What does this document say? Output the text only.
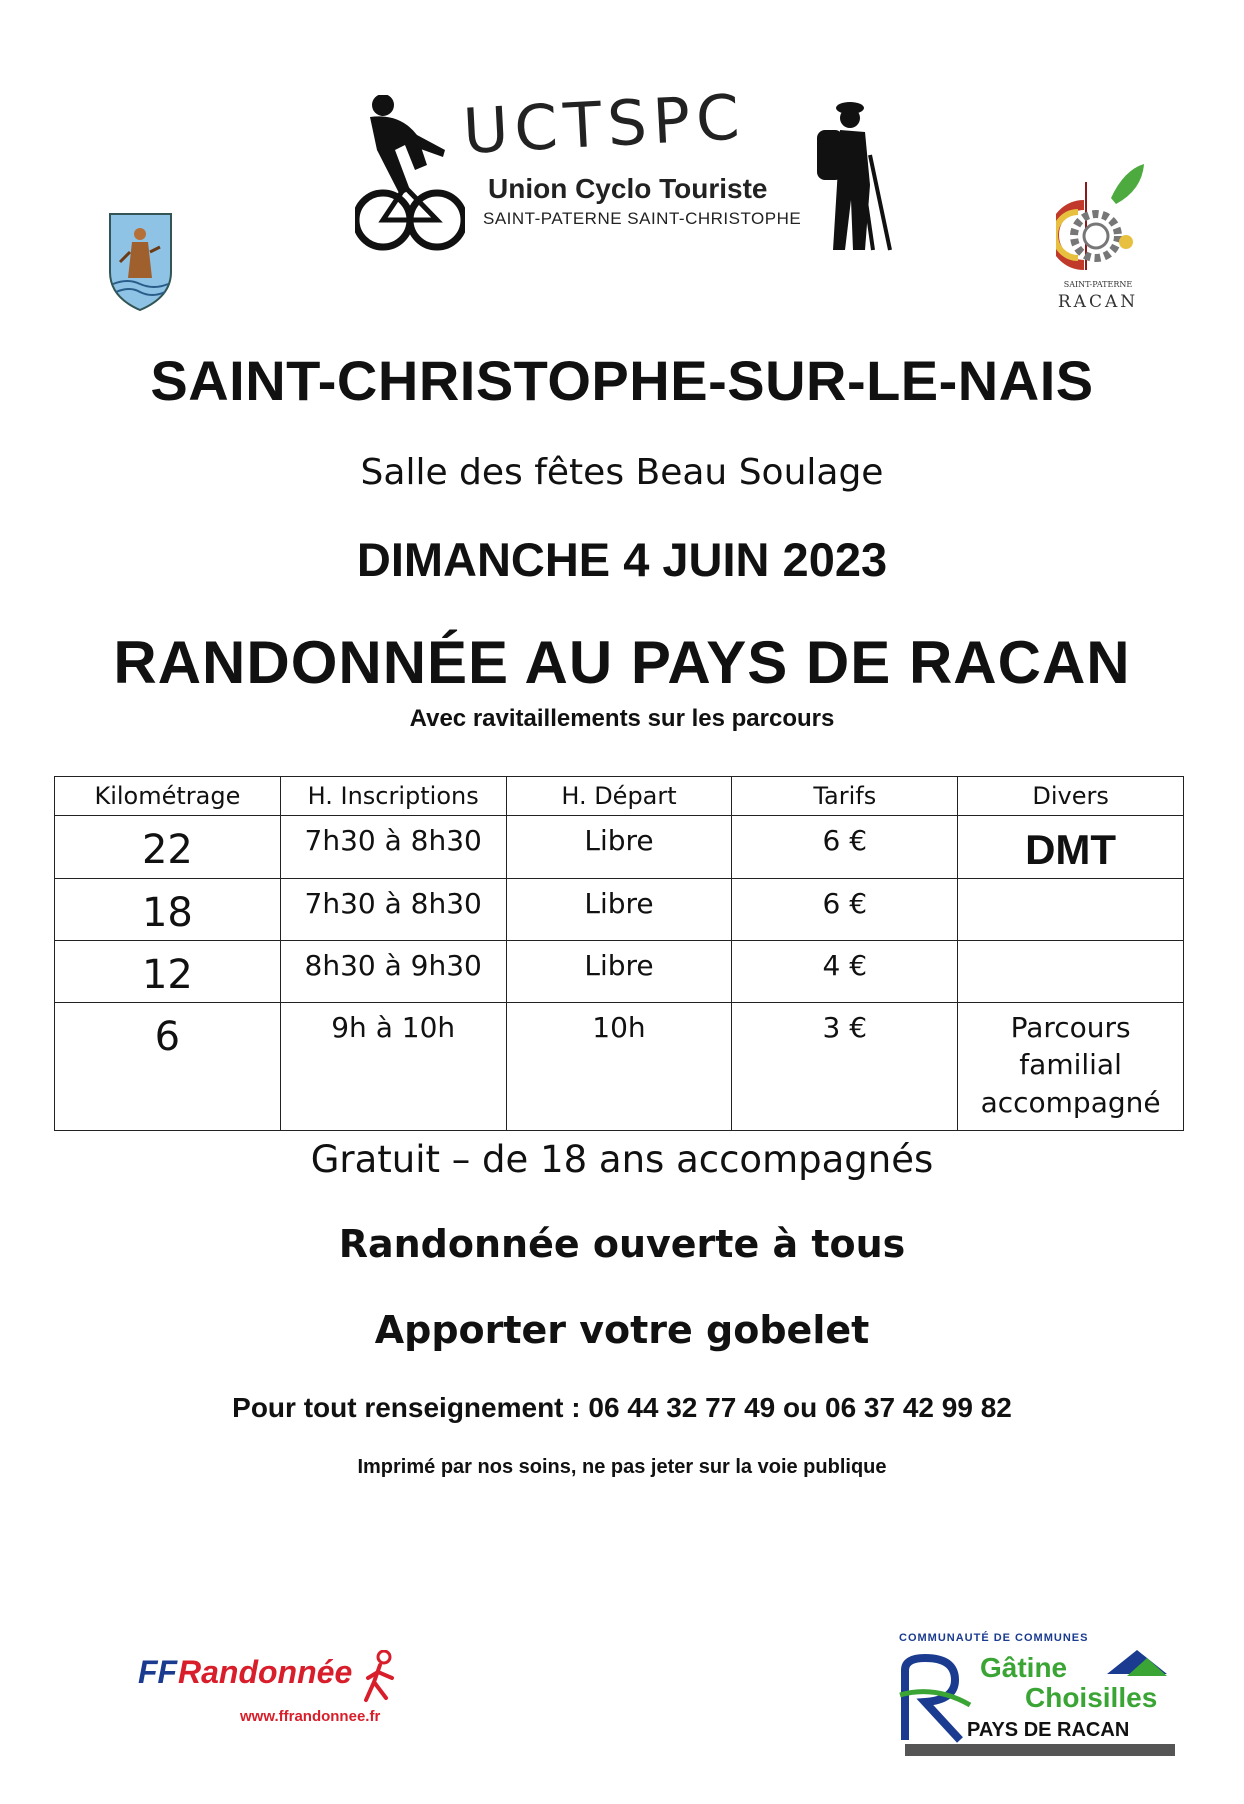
UCTSPC
Union Cyclo Touriste
SAINT-PATERNE SAINT-CHRISTOPHE
SAINT-PATERNE
RACAN
SAINT-CHRISTOPHE-SUR-LE-NAIS
Salle des fêtes Beau Soulage
DIMANCHE 4 JUIN 2023
RANDONNÉE AU PAYS DE RACAN
Avec ravitaillements sur les parcours
Kilométrage	H. Inscriptions	H. Départ	Tarifs	Divers
22	7h30 à 8h30	Libre	6 €	DMT
18	7h30 à 8h30	Libre	6 €	
12	8h30 à 9h30	Libre	4 €	
6	9h à 10h	10h	3 €	Parcours
familial
accompagné
Gratuit – de 18 ans accompagnés
Randonnée ouverte à tous
Apporter votre gobelet
Pour tout renseignement : 06 44 32 77 49 ou 06 37 42 99 82
Imprimé par nos soins, ne pas jeter sur la voie publique
FF Randonnée
www.ffrandonnee.fr
COMMUNAUTÉ DE COMMUNES
Gâtine
Choisilles
PAYS DE RACAN
